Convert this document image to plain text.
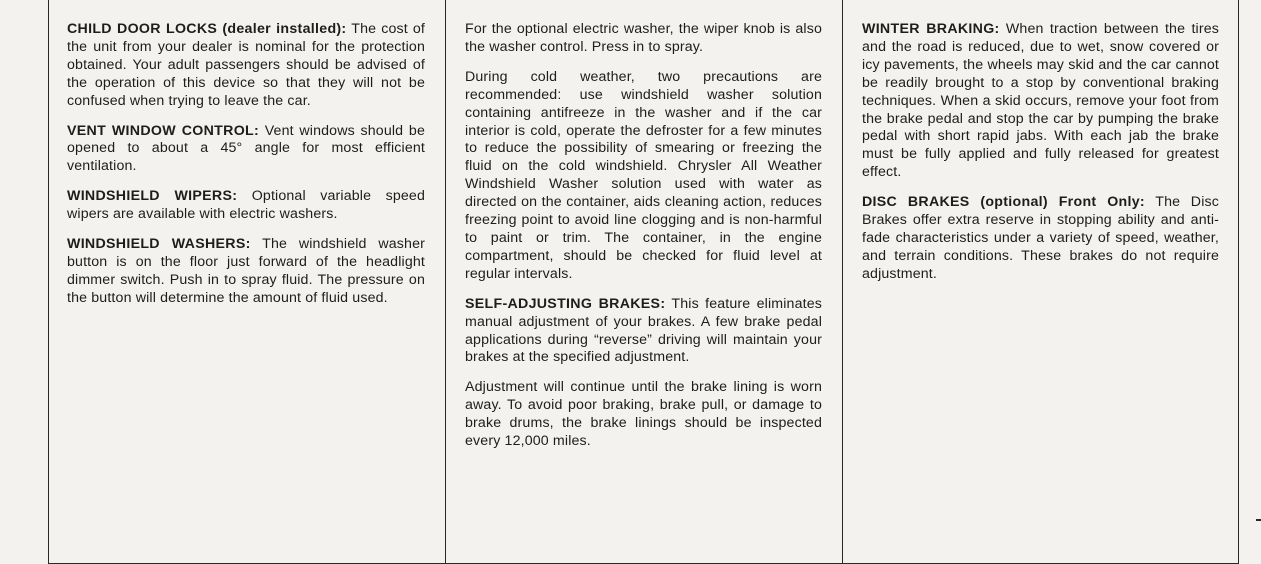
CHILD DOOR LOCKS (dealer installed): The cost of the unit from your dealer is nominal for the protection obtained. Your adult passengers should be advised of the operation of this device so that they will not be confused when trying to leave the car.

VENT WINDOW CONTROL: Vent windows should be opened to about a 45° angle for most efficient ventilation.

WINDSHIELD WIPERS: Optional variable speed wipers are available with electric washers.

WINDSHIELD WASHERS: The windshield washer button is on the floor just forward of the headlight dimmer switch. Push in to spray fluid. The pressure on the button will determine the amount of fluid used.

For the optional electric washer, the wiper knob is also the washer control. Press in to spray.

During cold weather, two precautions are recommended: use windshield washer solution containing antifreeze in the washer and if the car interior is cold, operate the defroster for a few minutes to reduce the possibility of smearing or freezing the fluid on the cold windshield. Chrysler All Weather Windshield Washer solution used with water as directed on the container, aids cleaning action, reduces freezing point to avoid line clogging and is non-harmful to paint or trim. The container, in the engine compartment, should be checked for fluid level at regular intervals.

SELF-ADJUSTING BRAKES: This feature eliminates manual adjustment of your brakes. A few brake pedal applications during “reverse” driving will maintain your brakes at the specified adjustment.

Adjustment will continue until the brake lining is worn away. To avoid poor braking, brake pull, or damage to brake drums, the brake linings should be inspected every 12,000 miles.

WINTER BRAKING: When traction between the tires and the road is reduced, due to wet, snow covered or icy pavements, the wheels may skid and the car cannot be readily brought to a stop by conventional braking techniques. When a skid occurs, remove your foot from the brake pedal and stop the car by pumping the brake pedal with short rapid jabs. With each jab the brake must be fully applied and fully released for greatest effect.

DISC BRAKES (optional) Front Only: The Disc Brakes offer extra reserve in stopping ability and anti-fade characteristics under a variety of speed, weather, and terrain conditions. These brakes do not require adjustment.
